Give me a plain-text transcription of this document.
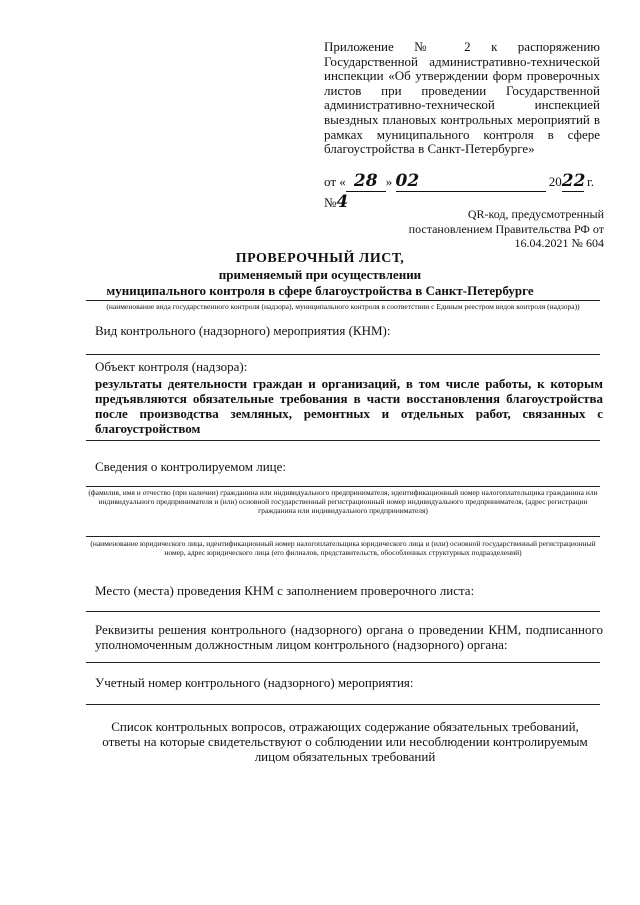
Приложение № 2 к распоряжению Государственной административно-технической инспекции «Об утверждении форм проверочных листов при проведении Государственной административно-технической инспекцией выездных плановых контрольных мероприятий в рамках муниципального контроля в сфере благоустройства в Санкт-Петербурге»
от « 28 » 02	2022 г. №4
QR-код, предусмотренный постановлением Правительства РФ от 16.04.2021 № 604
ПРОВЕРОЧНЫЙ ЛИСТ,
применяемый при осуществлении
муниципального контроля в сфере благоустройства в Санкт-Петербурге
(наименование вида государственного контроля (надзора), муниципального контроля в соответствии с Единым реестром видов контроля (надзора))
Вид контрольного (надзорного) мероприятия (КНМ):
Объект контроля (надзора):
результаты деятельности граждан и организаций, в том числе работы, к которым предъявляются обязательные требования в части восстановления благоустройства после производства земляных, ремонтных и отдельных работ, связанных с благоустройством
Сведения о контролируемом лице:
(фамилия, имя и отчество (при наличии) гражданина или индивидуального предпринимателя, идентификационный номер налогоплательщика гражданина или индивидуального предпринимателя и (или) основной государственный регистрационный номер индивидуального предпринимателя, (адрес регистрации гражданина или индивидуального предпринимателя)
(наименование юридического лица, идентификационный номер налогоплательщика юридического лица и (или) основной государственный регистрационный номер, адрес юридического лица (его филиалов, представительств, обособленных структурных подразделений)
Место (места) проведения КНМ с заполнением проверочного листа:
Реквизиты решения контрольного (надзорного) органа о проведении КНМ, подписанного уполномоченным должностным лицом контрольного (надзорного) органа:
Учетный номер контрольного (надзорного) мероприятия:
Список контрольных вопросов, отражающих содержание обязательных требований, ответы на которые свидетельствуют о соблюдении или несоблюдении контролируемым лицом обязательных требований
